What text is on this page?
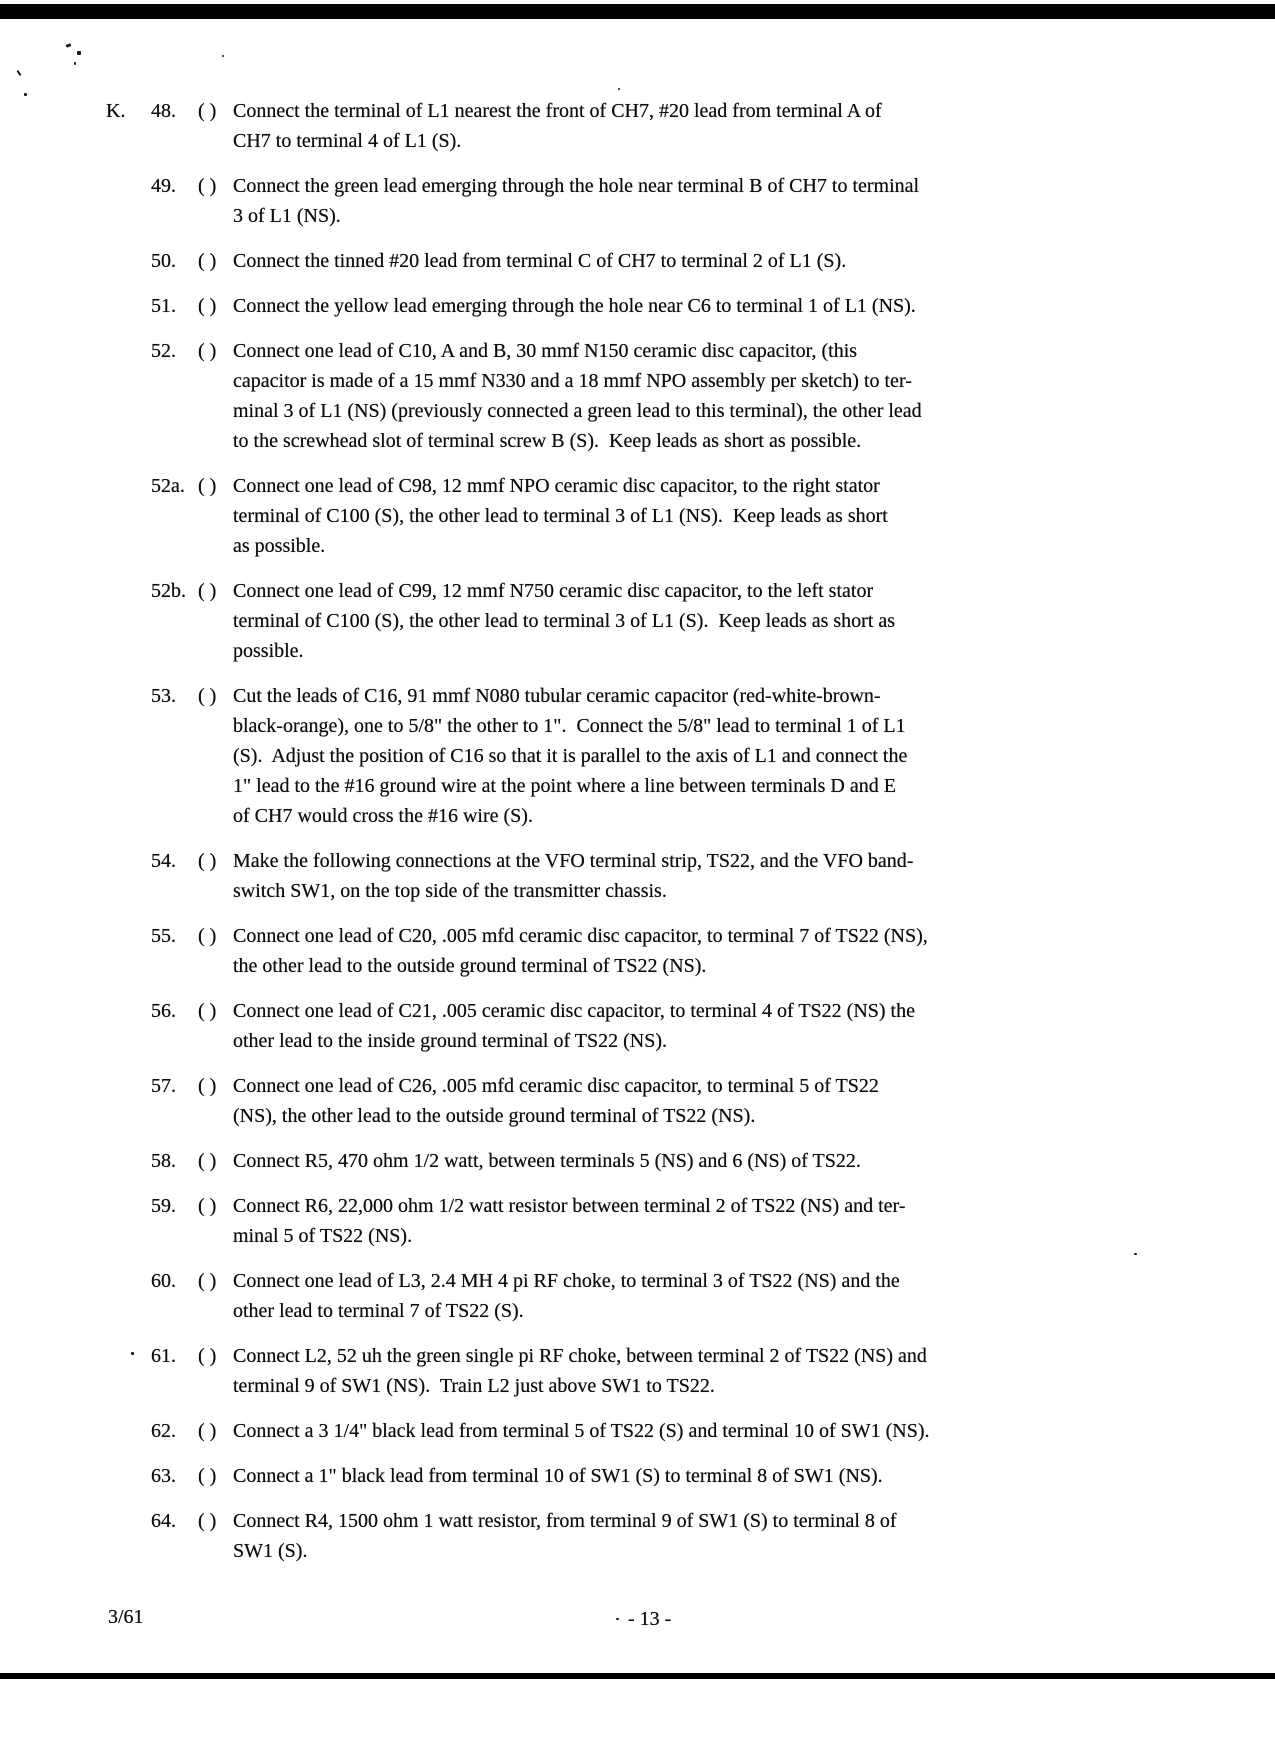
K.	48.	( ) Connect the terminal of L1 nearest the front of CH7, #20 lead from terminal A of
CH7 to terminal 4 of L1 (S).
49.	( ) Connect the green lead emerging through the hole near terminal B of CH7 to terminal
3 of L1 (NS).
50.	( ) Connect the tinned #20 lead from terminal C of CH7 to terminal 2 of L1 (S).
51.	( ) Connect the yellow lead emerging through the hole near C6 to terminal 1 of L1 (NS).
52.	( ) Connect one lead of C10, A and B, 30 mmf N150 ceramic disc capacitor, (this
capacitor is made of a 15 mmf N330 and a 18 mmf NPO assembly per sketch) to ter-
minal 3 of L1 (NS) (previously connected a green lead to this terminal), the other lead
to the screwhead slot of terminal screw B (S).  Keep leads as short as possible.
52a. ( ) Connect one lead of C98, 12 mmf NPO ceramic disc capacitor, to the right stator
terminal of C100 (S), the other lead to terminal 3 of L1 (NS).  Keep leads as short
as possible.
52b. ( ) Connect one lead of C99, 12 mmf N750 ceramic disc capacitor, to the left stator
terminal of C100 (S), the other lead to terminal 3 of L1 (S).  Keep leads as short as
possible.
53.	( ) Cut the leads of C16, 91 mmf N080 tubular ceramic capacitor (red-white-brown-
black-orange), one to 5/8" the other to 1".  Connect the 5/8" lead to terminal 1 of L1
(S).  Adjust the position of C16 so that it is parallel to the axis of L1 and connect the
1" lead to the #16 ground wire at the point where a line between terminals D and E
of CH7 would cross the #16 wire (S).
54.	( ) Make the following connections at the VFO terminal strip, TS22, and the VFO band-
switch SW1, on the top side of the transmitter chassis.
55.	( ) Connect one lead of C20, .005 mfd ceramic disc capacitor, to terminal 7 of TS22 (NS),
the other lead to the outside ground terminal of TS22 (NS).
56.	( ) Connect one lead of C21, .005 ceramic disc capacitor, to terminal 4 of TS22 (NS) the
other lead to the inside ground terminal of TS22 (NS).
57.	( ) Connect one lead of C26, .005 mfd ceramic disc capacitor, to terminal 5 of TS22
(NS), the other lead to the outside ground terminal of TS22 (NS).
58.	( ) Connect R5, 470 ohm 1/2 watt, between terminals 5 (NS) and 6 (NS) of TS22.
59.	( ) Connect R6, 22,000 ohm 1/2 watt resistor between terminal 2 of TS22 (NS) and ter-
minal 5 of TS22 (NS).
60.	( ) Connect one lead of L3, 2.4 MH 4 pi RF choke, to terminal 3 of TS22 (NS) and the
other lead to terminal 7 of TS22 (S).
61.	( ) Connect L2, 52 uh the green single pi RF choke, between terminal 2 of TS22 (NS) and
terminal 9 of SW1 (NS).  Train L2 just above SW1 to TS22.
62.	( ) Connect a 3 1/4" black lead from terminal 5 of TS22 (S) and terminal 10 of SW1 (NS).
63.	( ) Connect a 1" black lead from terminal 10 of SW1 (S) to terminal 8 of SW1 (NS).
64.	( ) Connect R4, 1500 ohm 1 watt resistor, from terminal 9 of SW1 (S) to terminal 8 of
SW1 (S).
3/61	- 13 -
